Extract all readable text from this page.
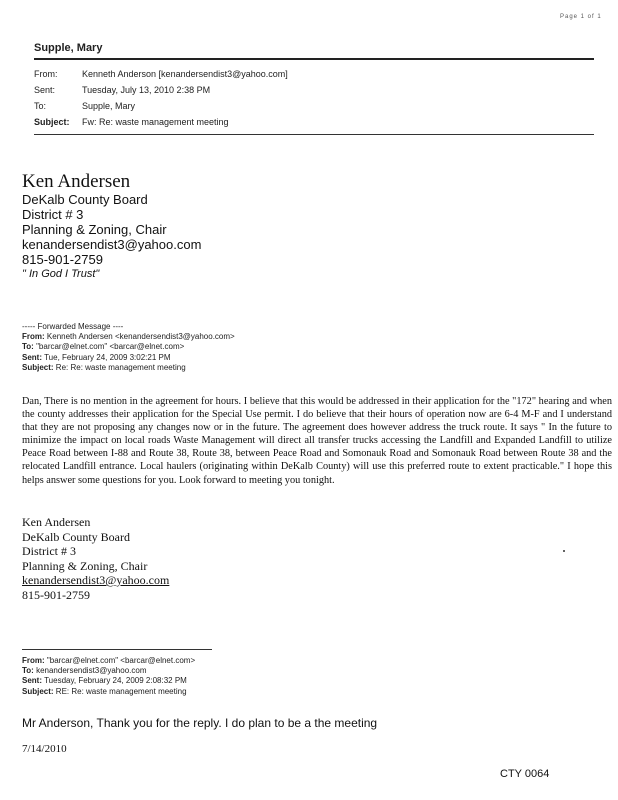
Page 1 of 1
Supple, Mary
From:	Kenneth Anderson [kenandersendist3@yahoo.com]
Sent:	Tuesday, July 13, 2010 2:38 PM
To:	Supple, Mary
Subject:	Fw: Re: waste management meeting
Ken Andersen
DeKalb County Board
District # 3
Planning & Zoning, Chair
kenandersendist3@yahoo.com
815-901-2759
" In God I Trust"
----- Forwarded Message ----
From: Kenneth Andersen <kenandersendist3@yahoo.com>
To: "barcar@elnet.com" <barcar@elnet.com>
Sent: Tue, February 24, 2009 3:02:21 PM
Subject: Re: Re: waste management meeting
Dan, There is no mention in the agreement for hours. I believe that this would be addressed in their application for the "172" hearing and when the county addresses their application for the Special Use permit. I do believe that their hours of operation now are 6-4 M-F and I understand that they are not proposing any changes now or in the future. The agreement does however address the truck route. It says " In the future to minimize the impact on local roads Waste Management will direct all transfer trucks accessing the Landfill and Expanded Landfill to utilize Peace Road between I-88 and Route 38, Route 38, between Peace Road and Somonauk Road and Somonauk Road between Route 38 and the relocated Landfill entrance. Local haulers (originating within DeKalb County) will use this preferred route to extent practicable." I hope this helps answer some questions for you. Look forward to meeting you tonight.
Ken Andersen
DeKalb County Board
District # 3
Planning & Zoning, Chair
kenandersendist3@yahoo.com
815-901-2759
From: "barcar@elnet.com" <barcar@elnet.com>
To: kenandersendist3@yahoo.com
Sent: Tuesday, February 24, 2009 2:08:32 PM
Subject: RE: Re: waste management meeting
Mr Anderson, Thank you for the reply. I do plan to be a the meeting
7/14/2010
CTY 0064
